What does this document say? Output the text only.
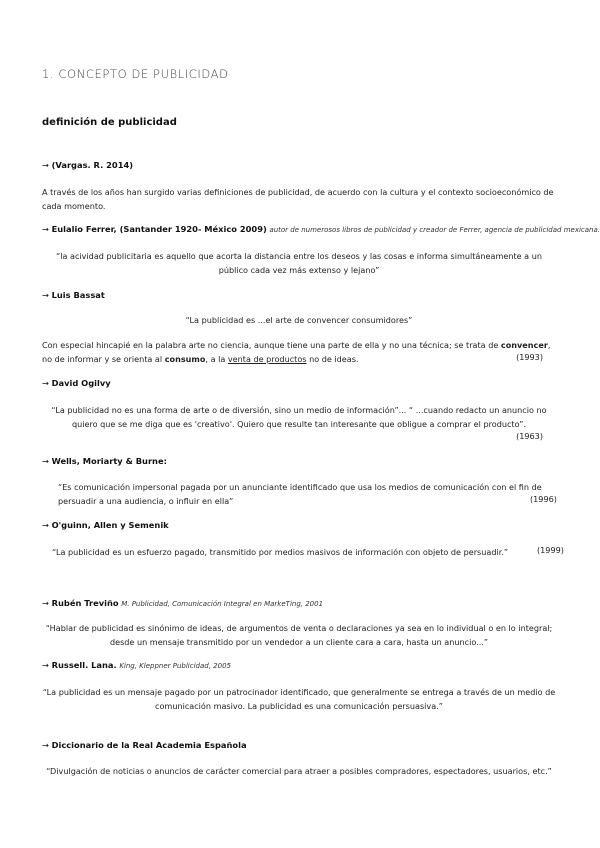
1. CONCEPTO DE PUBLICIDAD
definición de publicidad
→ (Vargas. R. 2014)
A través de los años han surgido varias definiciones de publicidad, de acuerdo con la cultura y el contexto socioeconómico de cada momento.
→ Eulalio Ferrer, (Santander 1920- México 2009) autor de numerosos libros de publicidad y creador de Ferrer, agencia de publicidad mexicana.
“la acividad publicitaria es aquello que acorta la distancia entre los deseos y las cosas e informa simultáneamente a un público cada vez más extenso y lejano”
→ Luis Bassat
“La publicidad es ...el arte de convencer consumidores”
Con especial hincapié en la palabra arte no ciencia, aunque tiene una parte de ella y no una técnica; se trata de convencer, no de informar y se orienta al consumo, a la venta de productos no de ideas.	(1993)
→ David Ogilvy
“La publicidad no es una forma de arte o de diversión, sino un medio de información”... “ ...cuando redacto un anuncio no quiero que se me diga que es 'creativo'. Quiero que resulte tan interesante que obligue a comprar el producto”.
(1963)
→ Wells, Moriarty & Burne:
“Es comunicación impersonal pagada por un anunciante identificado que usa los medios de comunicación con el fin de persuadir a una audiencia, o influir en ella”	(1996)
→ O'guinn, Allen y Semenik
“La publicidad es un esfuerzo pagado, transmitido por medios masivos de información con objeto de persuadir.”	(1999)
→ Rubén Treviño M. Publicidad, Comunicación Integral en MarkeTing, 2001
“Hablar de publicidad es sinónimo de ideas, de argumentos de venta o declaraciones ya sea en lo individual o en lo integral; desde un mensaje transmitido por un vendedor a un cliente cara a cara, hasta un anuncio...”
→ Russell. Lana. King, Kleppner Publicidad, 2005
“La publicidad es un mensaje pagado por un patrocinador identificado, que generalmente se entrega a través de un medio de comunicación masivo. La publicidad es una comunicación persuasiva.”
→ Diccionario de la Real Academia Española
“Divulgación de noticias o anuncios de carácter comercial para atraer a posibles compradores, espectadores, usuarios, etc.”
